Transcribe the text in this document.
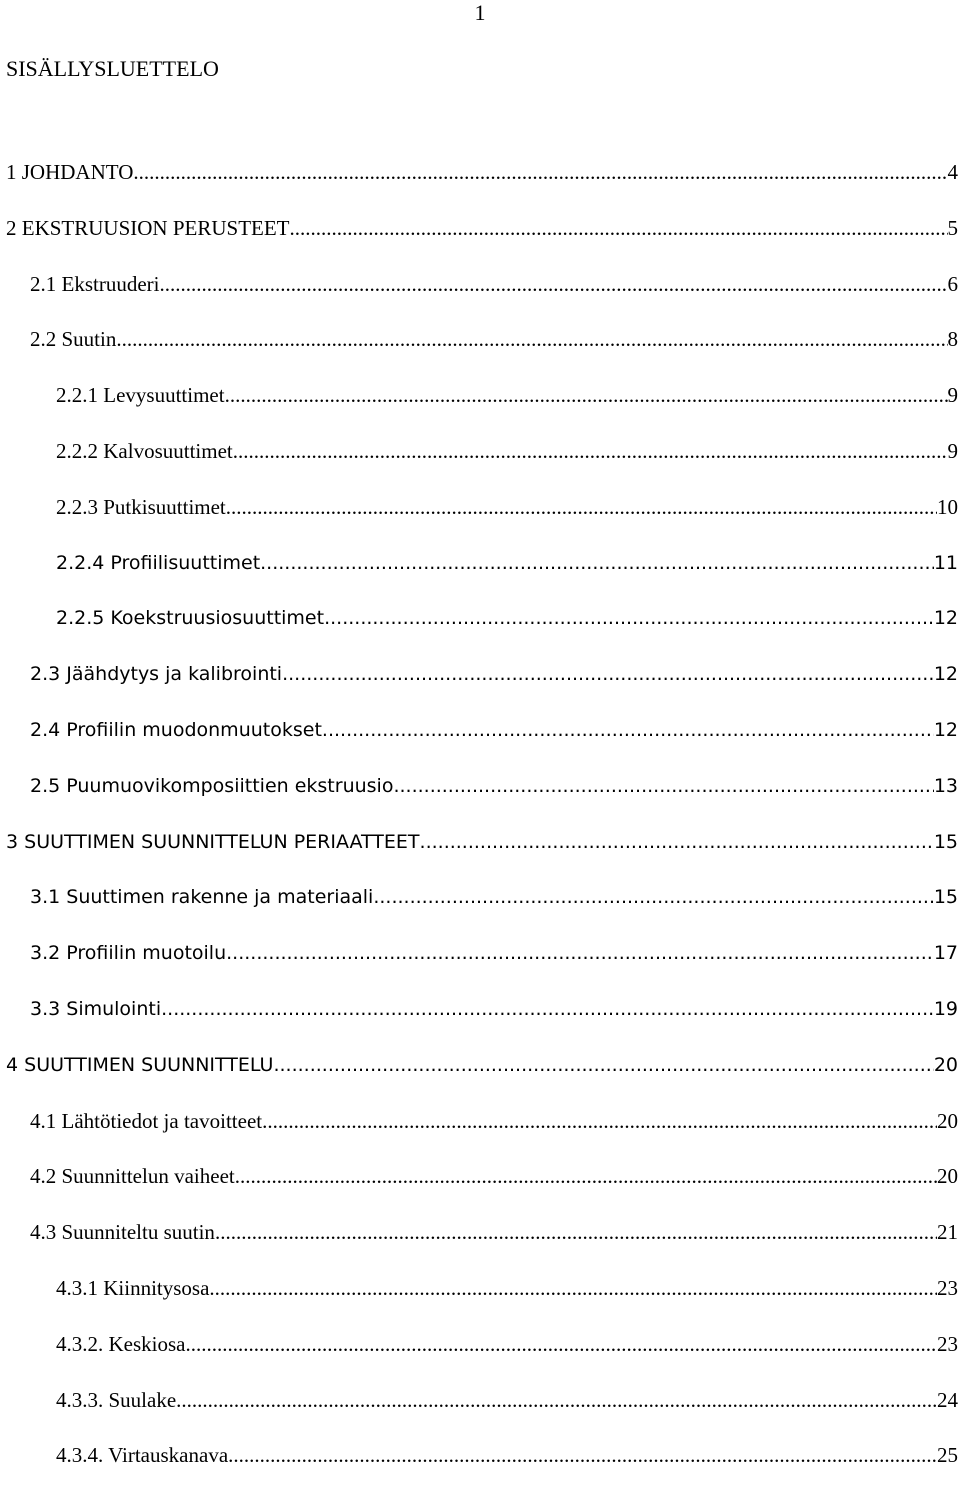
1
SISÄLLYSLUETTELO
1 JOHDANTO .....	4
2 EKSTRUUSION PERUSTEET .....	5
2.1 Ekstruuderi .....	6
2.2 Suutin .....	8
2.2.1 Levysuuttimet .....	9
2.2.2 Kalvosuuttimet .....	9
2.2.3 Putkisuuttimet .....	10
2.2.4 Profiilisuuttimet .....	11
2.2.5 Koekstruusiosuuttimet .....	12
2.3 Jäähdytys ja kalibrointi .....	12
2.4 Profiilin muodonmuutokset .....	12
2.5 Puumuovikomposiittien ekstruusio .....	13
3 SUUTTIMEN SUUNNITTELUN PERIAATTEET .....	15
3.1 Suuttimen rakenne ja materiaali .....	15
3.2 Profiilin muotoilu .....	17
3.3 Simulointi .....	19
4 SUUTTIMEN SUUNNITTELU .....	20
4.1 Lähtötiedot ja tavoitteet .....	20
4.2 Suunnittelun vaiheet .....	20
4.3 Suunniteltu suutin .....	21
4.3.1 Kiinnitysosa .....	23
4.3.2. Keskiosa .....	23
4.3.3. Suulake .....	24
4.3.4. Virtauskanava .....	25
